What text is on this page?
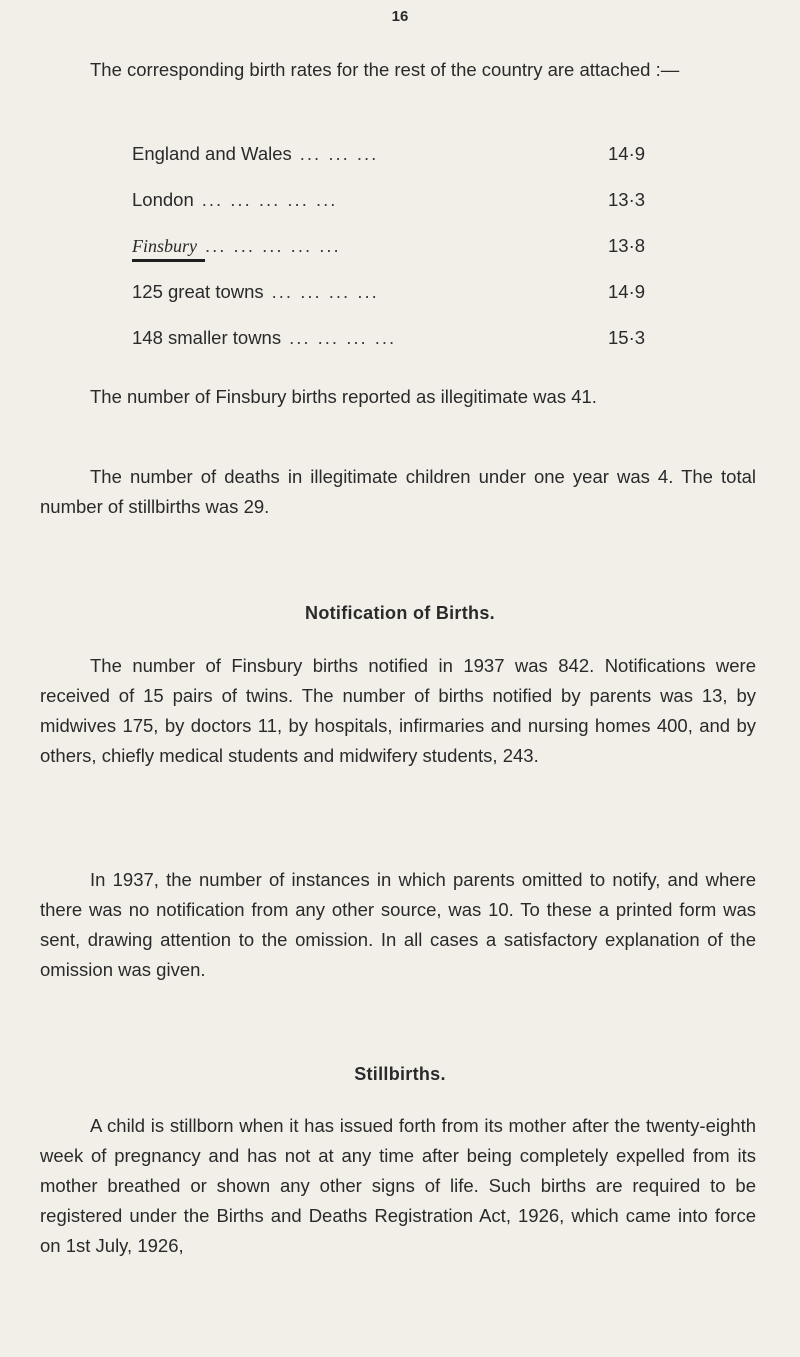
16

The corresponding birth rates for the rest of the country are attached :—

England and Wales ... ... ...	14·9
London ... ... ... ... ...	13·3
Finsbury ... ... ... ... ...	13·8
125 great towns ... ... ... ...	14·9
148 smaller towns ... ... ... ...	15·3

The number of Finsbury births reported as illegitimate was 41.

The number of deaths in illegitimate children under one year was 4. The total number of stillbirths was 29.

Notification of Births.

The number of Finsbury births notified in 1937 was 842. Notifications were received of 15 pairs of twins. The number of births notified by parents was 13, by midwives 175, by doctors 11, by hospitals, infirmaries and nursing homes 400, and by others, chiefly medical students and midwifery students, 243.

In 1937, the number of instances in which parents omitted to notify, and where there was no notification from any other source, was 10. To these a printed form was sent, drawing attention to the omission. In all cases a satisfactory explanation of the omission was given.

Stillbirths.

A child is stillborn when it has issued forth from its mother after the twenty-eighth week of pregnancy and has not at any time after being completely expelled from its mother breathed or shown any other signs of life. Such births are required to be registered under the Births and Deaths Registration Act, 1926, which came into force on 1st July, 1926,
